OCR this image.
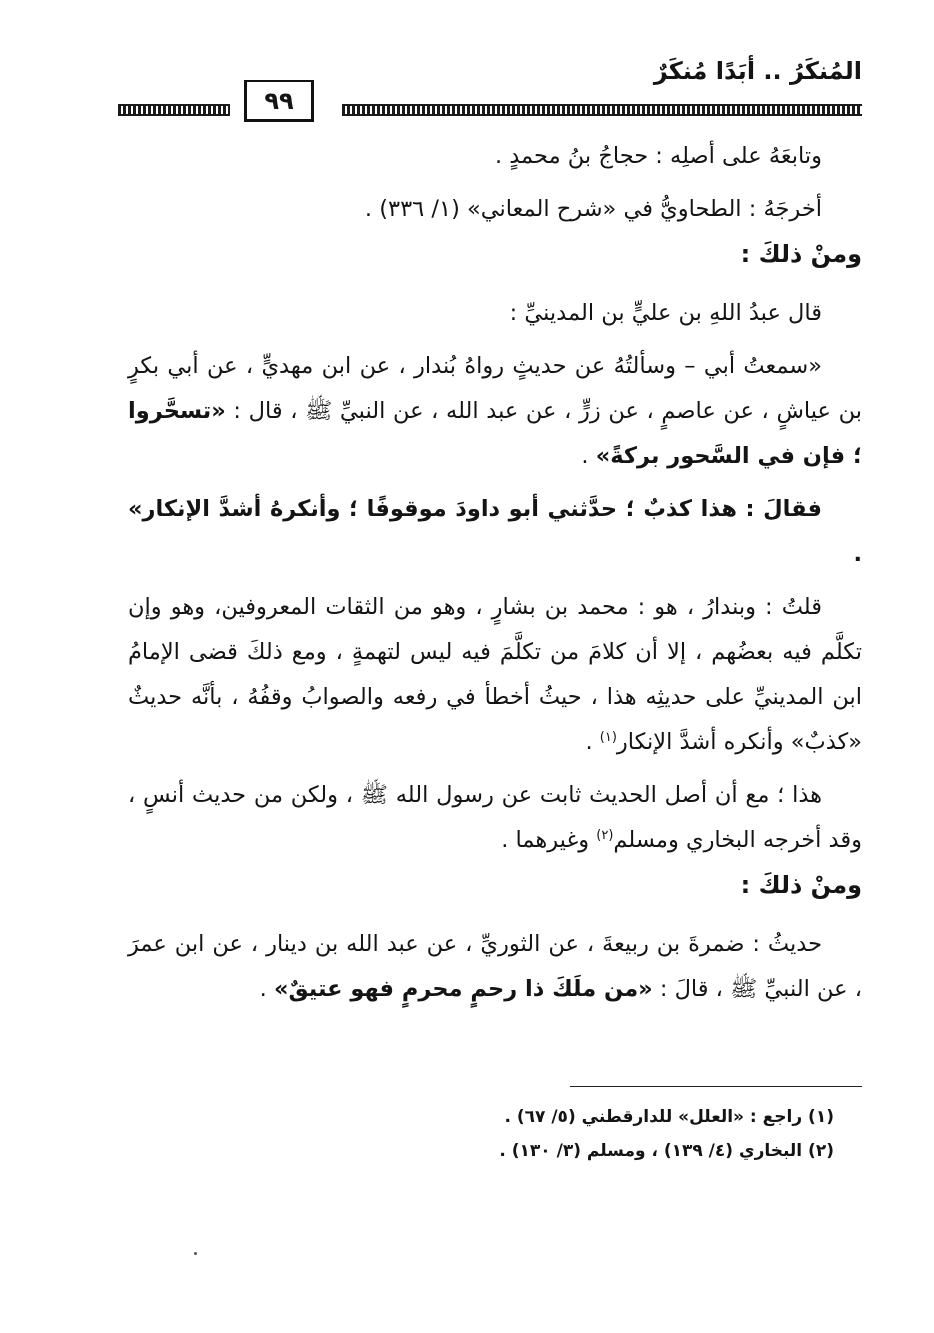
المُنكَرُ .. أبَدًا مُنكَرٌ
٩٩

وتابعَهُ على أصلِه : حجاجُ بنُ محمدٍ .

أخرجَهُ : الطحاويُّ في «شرح المعاني» (١/ ٣٣٦) .

ومنْ ذلكَ :

قال عبدُ اللهِ بن عليٍّ بن المدينيِّ :

«سمعتُ أبي – وسألتُهُ عن حديثٍ رواهُ بُندار ، عن ابن مهديٍّ ، عن أبي بكرٍ بن عياشٍ ، عن عاصمٍ ، عن زرٍّ ، عن عبد الله ، عن النبيِّ ﷺ ، قال : «تسحَّروا ؛ فإن في السَّحور بركةً» .

فقالَ : هذا كذبٌ ؛ حدَّثني أبو داودَ موقوفًا ؛ وأنكرهُ أشدَّ الإنكار» .

قلتُ : وبندارُ ، هو : محمد بن بشارٍ ، وهو من الثقات المعروفين، وهو وإن تكلَّم فيه بعضُهم ، إلا أن كلامَ من تكلَّمَ فيه ليس لتهمةٍ ، ومع ذلكَ قضى الإمامُ ابن المدينيِّ على حديثِه هذا ، حيثُ أخطأ في رفعه والصوابُ وقفُهُ ، بأنَّه حديثٌ «كذبٌ» وأنكره أشدَّ الإنكار$^{(١)}$ .

هذا ؛ مع أن أصل الحديث ثابت عن رسول الله ﷺ ، ولكن من حديث أنسٍ ، وقد أخرجه البخاري ومسلم$^{(٢)}$ وغيرهما .

ومنْ ذلكَ :

حديثُ : ضمرةَ بن ربيعةَ ، عن الثوريِّ ، عن عبد الله بن دينار ، عن ابن عمرَ ، عن النبيِّ ﷺ ، قالَ : «من ملَكَ ذا رحمٍ محرمٍ فهو عتيقٌ» .

(١) راجع : «العلل» للدارقطني (٥/ ٦٧) .

(٢) البخاري (٤/ ١٣٩) ، ومسلم (٣/ ١٣٠) .
